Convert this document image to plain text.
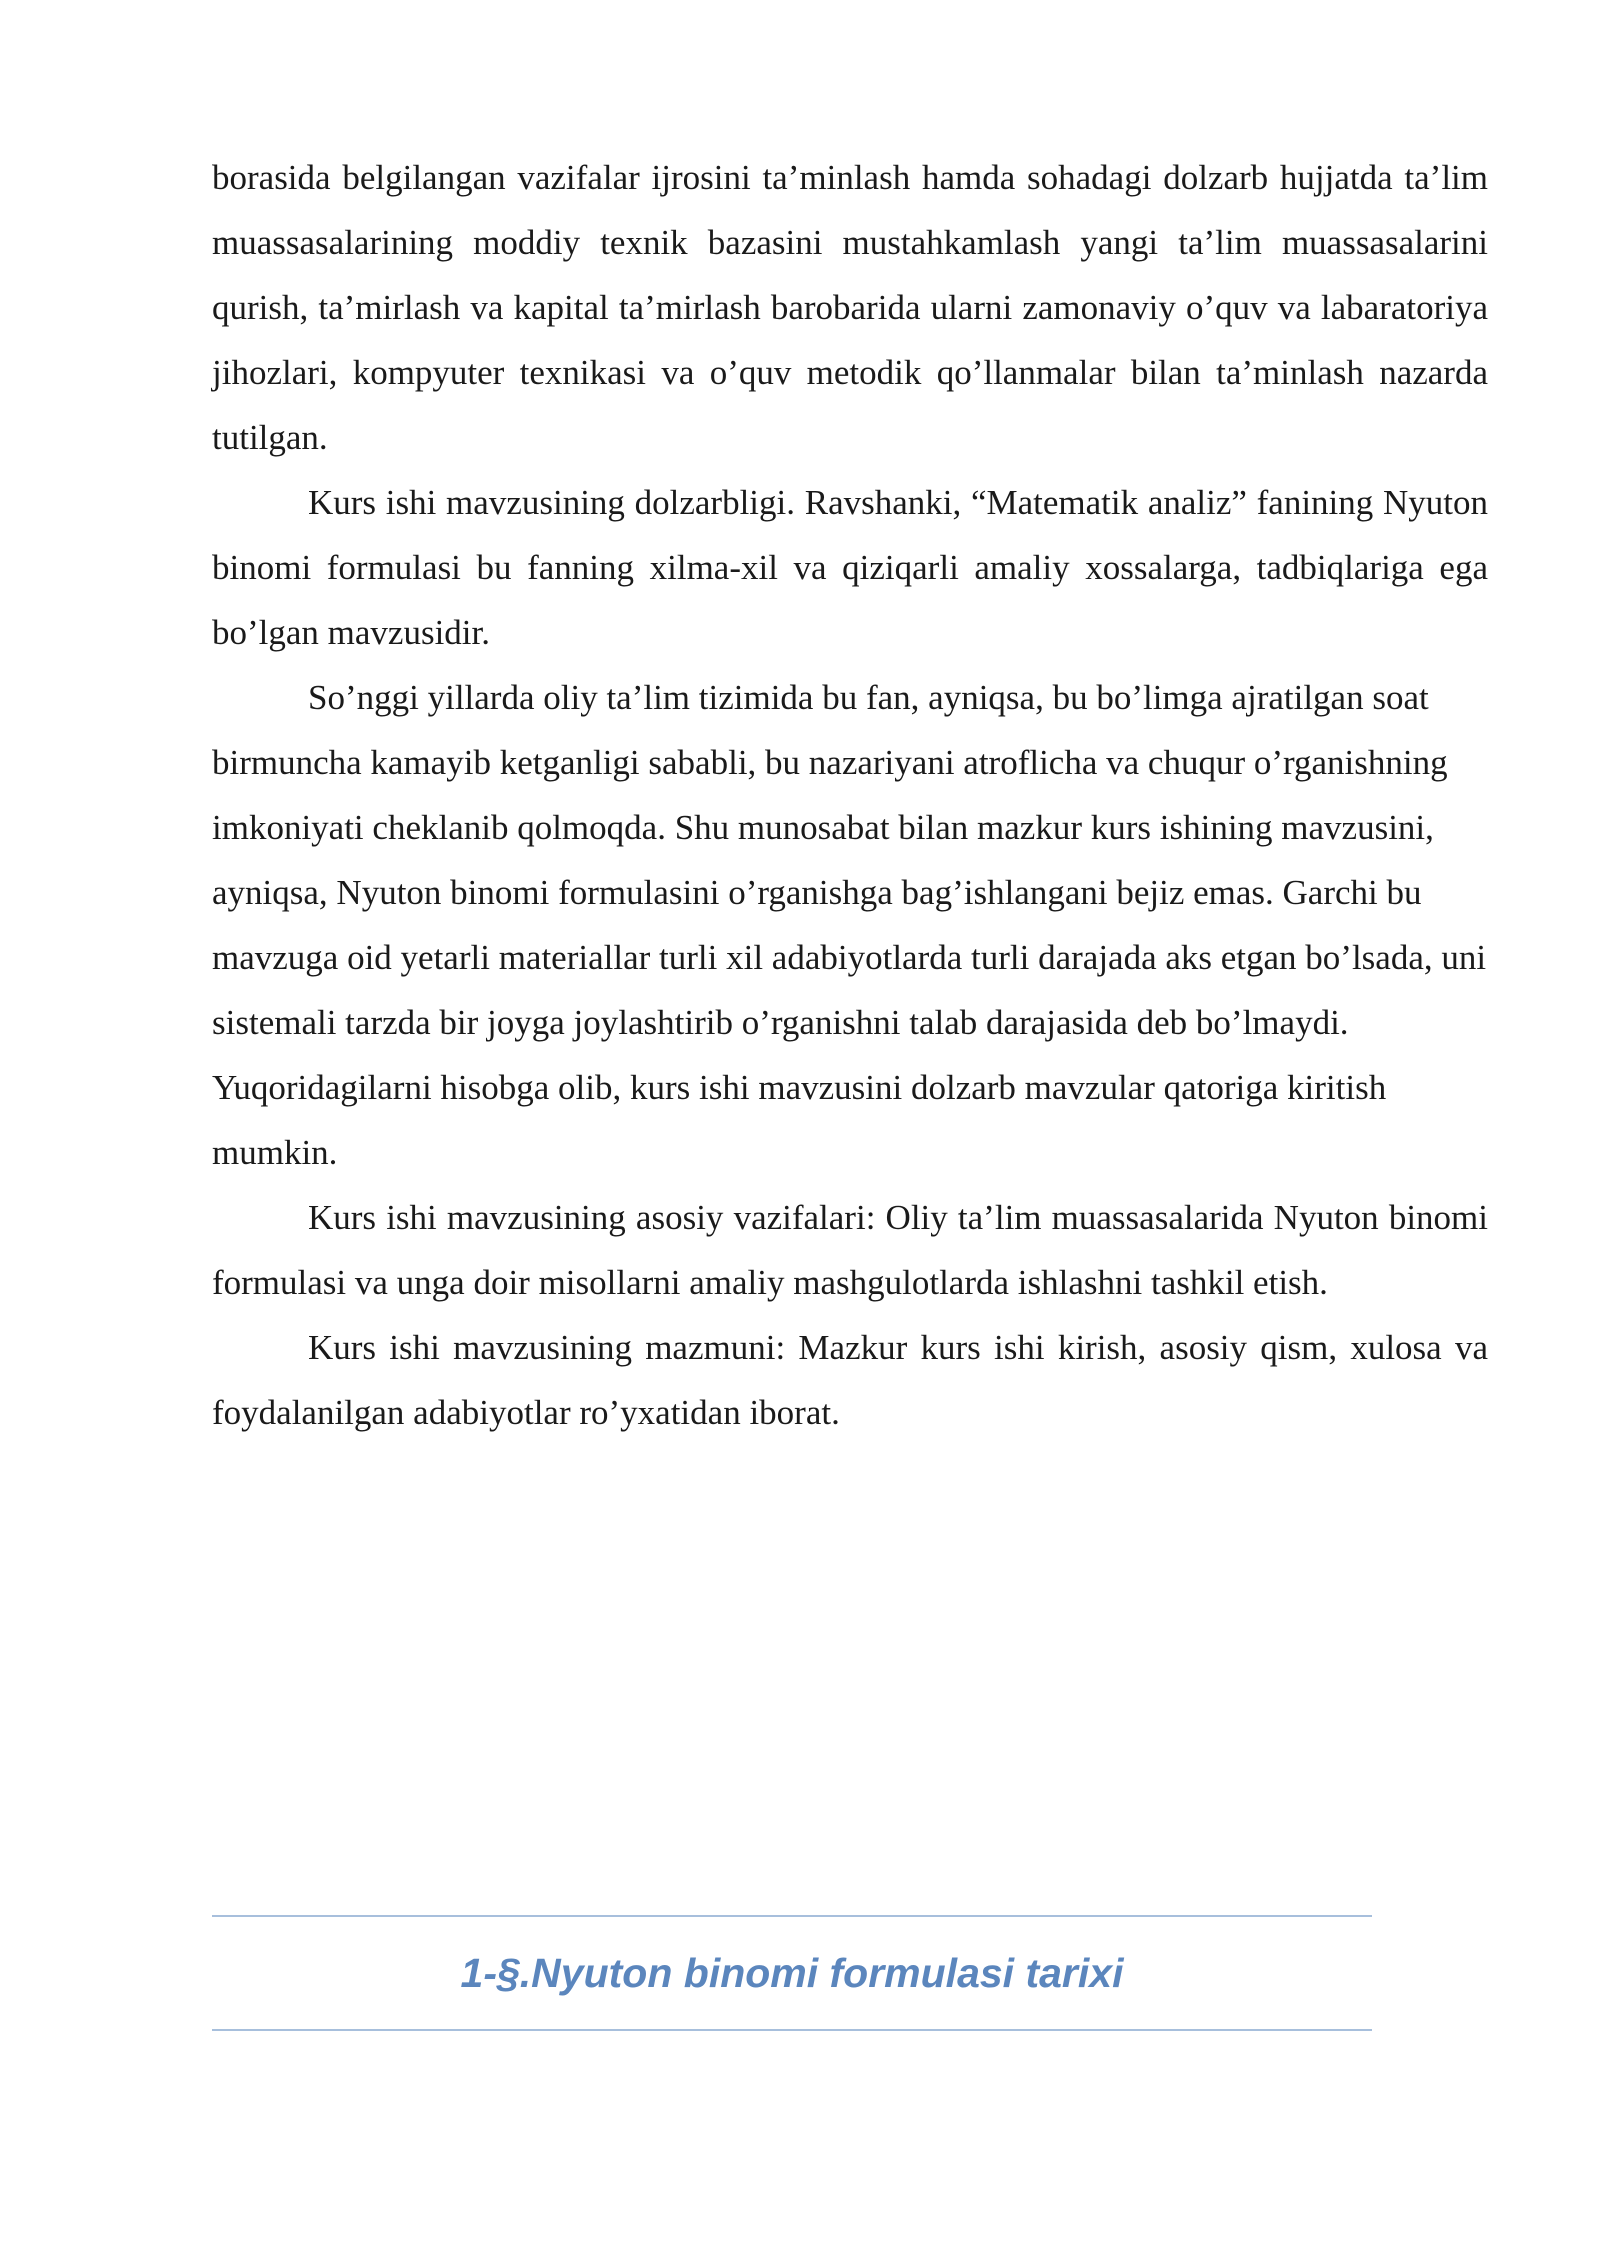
borasida belgilangan vazifalar ijrosini ta’minlash hamda sohadagi dolzarb hujjatda ta’lim muassasalarining moddiy texnik bazasini mustahkamlash yangi ta’lim muassasalarini qurish, ta’mirlash va kapital ta’mirlash barobarida ularni zamonaviy o’quv va labaratoriya jihozlari, kompyuter texnikasi va o’quv metodik qo’llanmalar bilan ta’minlash nazarda tutilgan.

Kurs ishi mavzusining dolzarbligi. Ravshanki, “Matematik analiz” fanining Nyuton binomi formulasi bu fanning xilma-xil va qiziqarli amaliy xossalarga, tadbiqlariga ega bo’lgan mavzusidir.

So’nggi yillarda oliy ta’lim tizimida bu fan, ayniqsa, bu bo’limga ajratilgan soat birmuncha kamayib ketganligi sababli, bu nazariyani atroflicha va chuqur o’rganishning imkoniyati cheklanib qolmoqda. Shu munosabat bilan mazkur kurs ishining mavzusini, ayniqsa, Nyuton binomi formulasini o’rganishga bag’ishlangani bejiz emas. Garchi bu mavzuga oid yetarli materiallar turli xil adabiyotlarda turli darajada aks etgan bo’lsada, uni sistemali tarzda bir joyga joylashtirib o’rganishni talab darajasida deb bo’lmaydi. Yuqoridagilarni hisobga olib, kurs ishi mavzusini dolzarb mavzular qatoriga kiritish mumkin.

Kurs ishi mavzusining asosiy vazifalari: Oliy ta’lim muassasalarida Nyuton binomi formulasi va unga doir misollarni amaliy mashgulotlarda ishlashni tashkil etish.

Kurs ishi mavzusining mazmuni: Mazkur kurs ishi kirish, asosiy qism, xulosa va foydalanilgan adabiyotlar ro’yxatidan iborat.

1-§.Nyuton binomi formulasi tarixi
